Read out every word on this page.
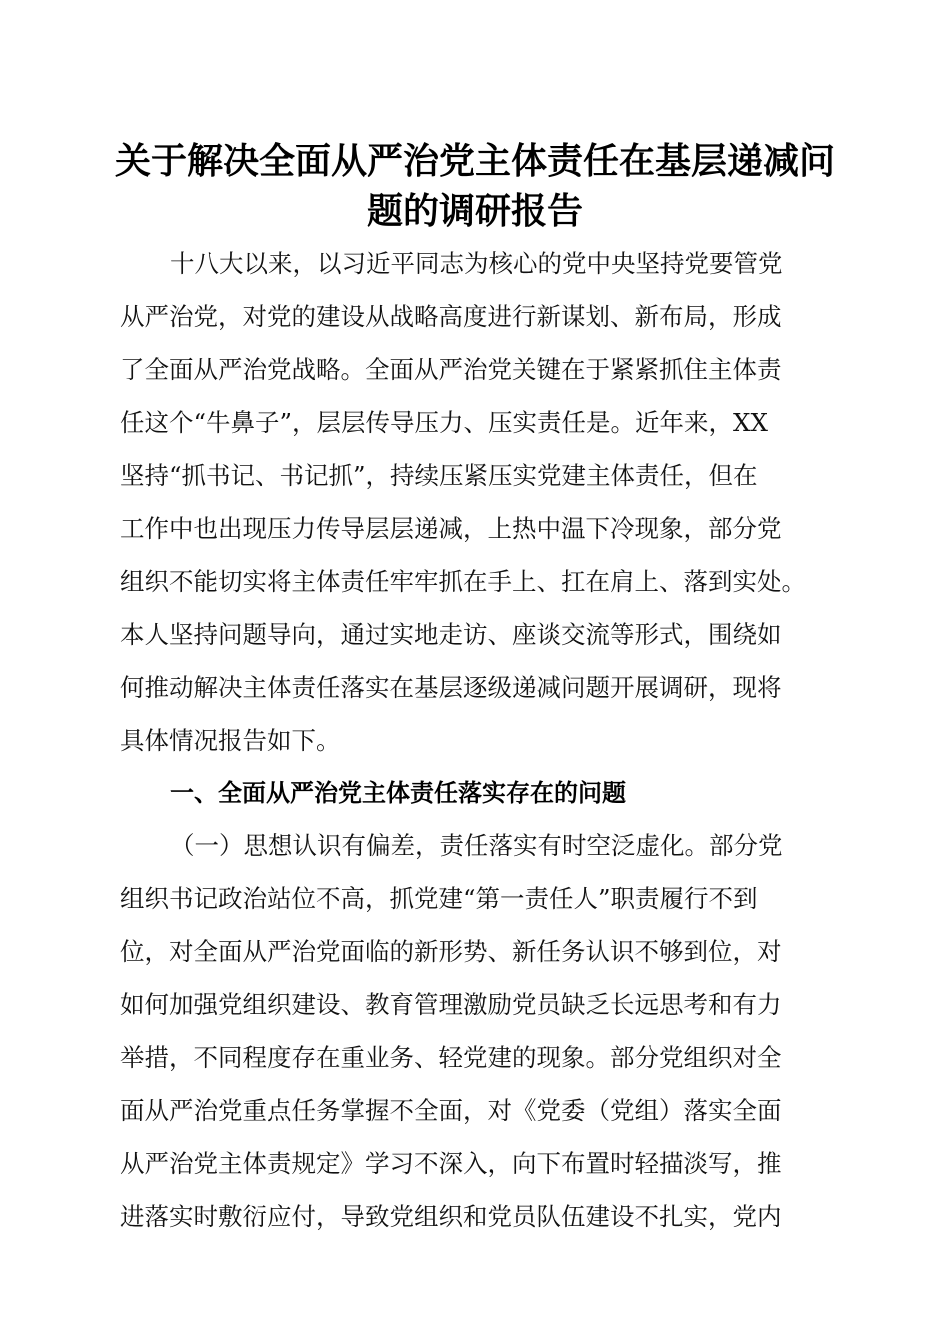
关于解决全面从严治党主体责任在基层递减问
题的调研报告
十八大以来，以习近平同志为核心的党中央坚持党要管党
从严治党，对党的建设从战略高度进行新谋划、新布局，形成
了全面从严治党战略。全面从严治党关键在于紧紧抓住主体责
任这个“牛鼻子”，层层传导压力、压实责任是。近年来，XX
坚持“抓书记、书记抓”，持续压紧压实党建主体责任，但在
工作中也出现压力传导层层递减，上热中温下冷现象，部分党
组织不能切实将主体责任牢牢抓在手上、扛在肩上、落到实处。
本人坚持问题导向，通过实地走访、座谈交流等形式，围绕如
何推动解决主体责任落实在基层逐级递减问题开展调研，现将
具体情况报告如下。
一、全面从严治党主体责任落实存在的问题
（一）思想认识有偏差，责任落实有时空泛虚化。部分党
组织书记政治站位不高，抓党建“第一责任人”职责履行不到
位，对全面从严治党面临的新形势、新任务认识不够到位，对
如何加强党组织建设、教育管理激励党员缺乏长远思考和有力
举措，不同程度存在重业务、轻党建的现象。部分党组织对全
面从严治党重点任务掌握不全面，对《党委（党组）落实全面
从严治党主体责规定》学习不深入，向下布置时轻描淡写，推
进落实时敷衍应付，导致党组织和党员队伍建设不扎实，党内
